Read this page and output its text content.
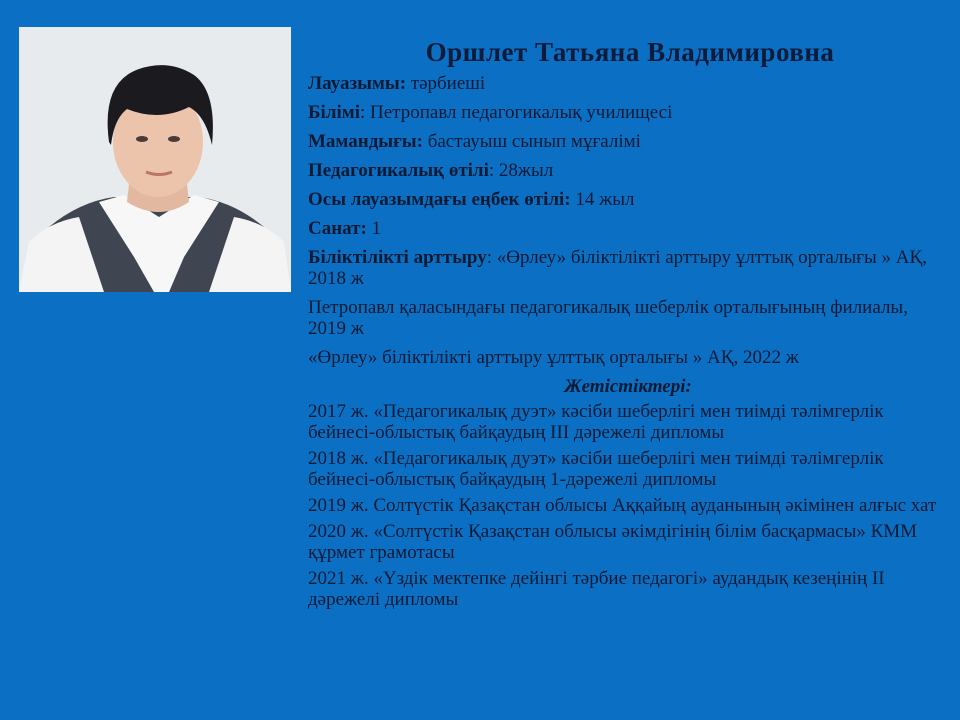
Оршлет Татьяна Владимировна

Лауазымы: тәрбиеші

Білімі: Петропавл педагогикалық училищесі

Мамандығы: бастауыш сынып мұғалімі

Педагогикалық өтілі: 28жыл

Осы лауазымдағы еңбек өтілі: 14 жыл

Санат: 1

Біліктілікті арттыру: «Өрлеу» біліктілікті арттыру ұлттық орталығы » АҚ, 2018 ж

Петропавл қаласындағы педагогикалық шеберлік орталығының филиалы, 2019 ж

«Өрлеу» біліктілікті арттыру ұлттық орталығы » АҚ, 2022 ж

Жетістіктері:

2017 ж. «Педагогикалық дуэт» кәсіби шеберлігі мен тиімді тәлімгерлік бейнесі-облыстық байқаудың ІІІ дәрежелі дипломы

2018 ж. «Педагогикалық дуэт» кәсіби шеберлігі мен тиімді тәлімгерлік бейнесі-облыстық байқаудың 1-дәрежелі дипломы

2019 ж. Солтүстік Қазақстан облысы Аққайың ауданының әкімінен алғыс хат

2020 ж. «Солтүстік Қазақстан облысы әкімдігінің білім басқармасы» КММ құрмет грамотасы

2021 ж. «Үздік мектепке дейінгі тәрбие педагогі» аудандық кезеңінің ІІ дәрежелі дипломы
